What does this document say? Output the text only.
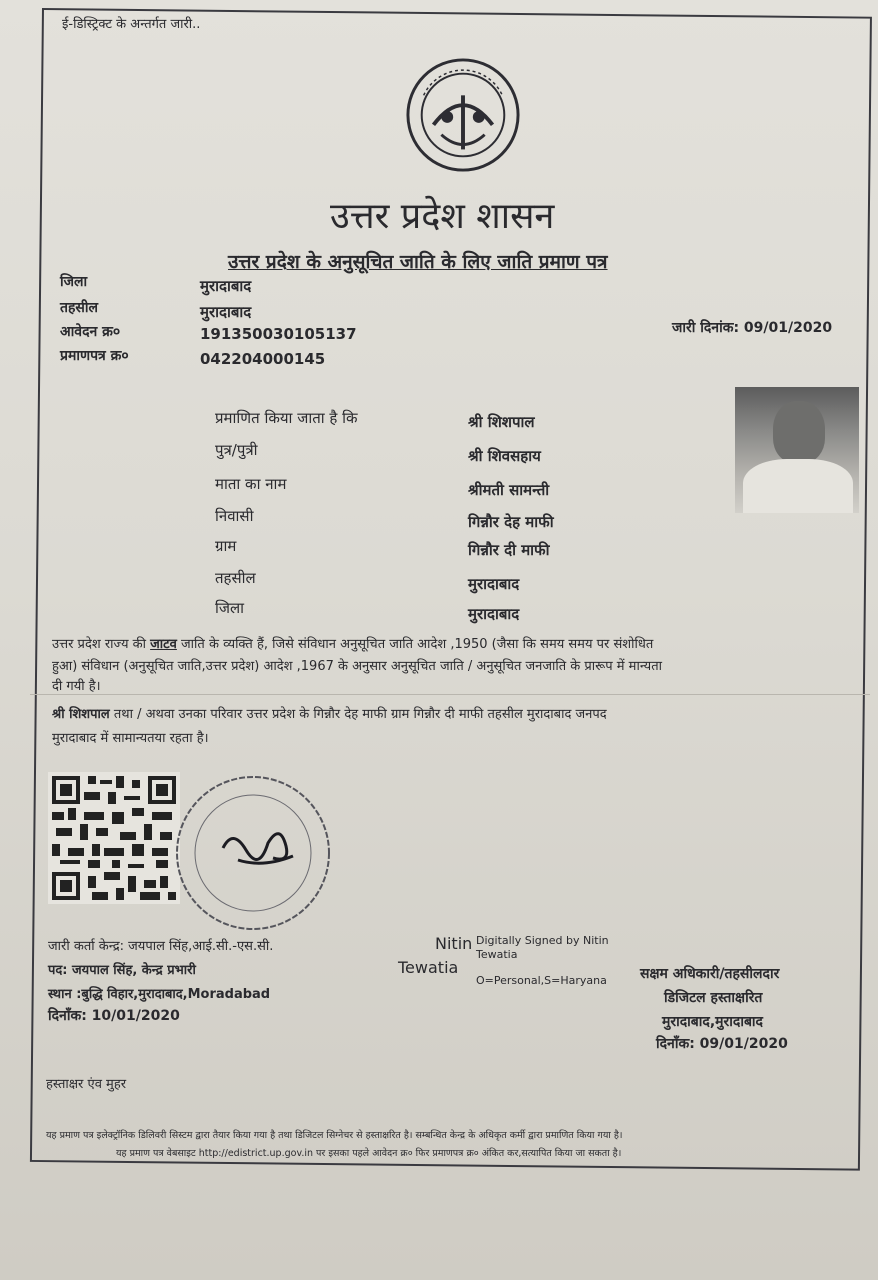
ई-डिस्ट्रिक्ट के अन्तर्गत जारी..
उत्तर प्रदेश शासन
उत्तर प्रदेश के अनुसूचित जाति के लिए जाति प्रमाण पत्र
जिला	मुरादाबाद
तहसील	मुरादाबाद
आवेदन क्र०	191350030105137
प्रमाणपत्र क्र०	042204000145
जारी दिनांक: 09/01/2020
प्रमाणित किया जाता है कि	श्री शिशपाल
पुत्र/पुत्री	श्री शिवसहाय
माता का नाम	श्रीमती सामन्ती
निवासी	गिन्नौर देह माफी
ग्राम	गिन्नौर दी माफी
तहसील	मुरादाबाद
जिला	मुरादाबाद
उत्तर प्रदेश राज्य की जाटव जाति के व्यक्ति हैं, जिसे संविधान अनुसूचित जाति आदेश ,1950 (जैसा कि समय समय पर संशोधित
हुआ) संविधान (अनुसूचित जाति,उत्तर प्रदेश) आदेश ,1967 के अनुसार अनुसूचित जाति / अनुसूचित जनजाति के प्रारूप में मान्यता
दी गयी है।
श्री शिशपाल तथा / अथवा उनका परिवार उत्तर प्रदेश के गिन्नौर देह माफी ग्राम गिन्नौर दी माफी तहसील मुरादाबाद जनपद
मुरादाबाद में सामान्यतया रहता है।
जारी कर्ता केन्द्र: जयपाल सिंह,आई.सी.-एस.सी.
पद: जयपाल सिंह, केन्द्र प्रभारी
स्थान :बुद्धि विहार,मुरादाबाद,Moradabad
दिनाँक: 10/01/2020
Nitin
Tewatia
Digitally Signed by Nitin
Tewatia
O=Personal,S=Haryana सक्षम अधिकारी/तहसीलदार
डिजिटल हस्ताक्षरित
मुरादाबाद,मुरादाबाद
दिनाँक: 09/01/2020
हस्ताक्षर एंव मुहर
यह प्रमाण पत्र इलेक्ट्रॉनिक डिलिवरी सिस्टम द्वारा तैयार किया गया है तथा डिजिटल सिग्नेचर से हस्ताक्षरित है। सम्बन्धित केन्द्र के अधिकृत कर्मी द्वारा प्रमाणित किया गया है।
यह प्रमाण पत्र वेबसाइट http://edistrict.up.gov.in पर इसका पहले आवेदन क्र० फिर प्रमाणपत्र क्र० अंकित कर,सत्यापित किया जा सकता है।
